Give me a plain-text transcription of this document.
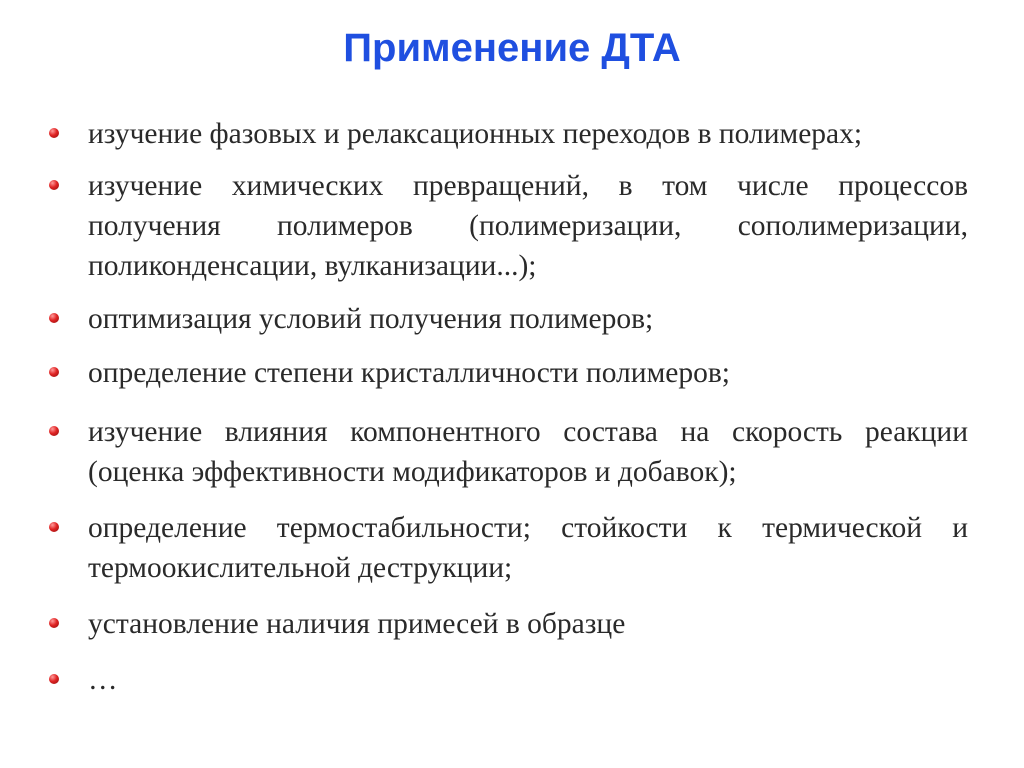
Применение ДТА
изучение фазовых и релаксационных переходов в полимерах;
изучение химических превращений, в том числе процессов получения полимеров (полимеризации, сополимеризации, поликонденсации, вулканизации...);
оптимизация условий получения полимеров;
определение степени кристалличности полимеров;
изучение влияния компонентного состава на скорость реакции (оценка эффективности модификаторов и добавок);
определение термостабильности; стойкости к термической и термоокислительной деструкции;
установление наличия примесей в образце
…
